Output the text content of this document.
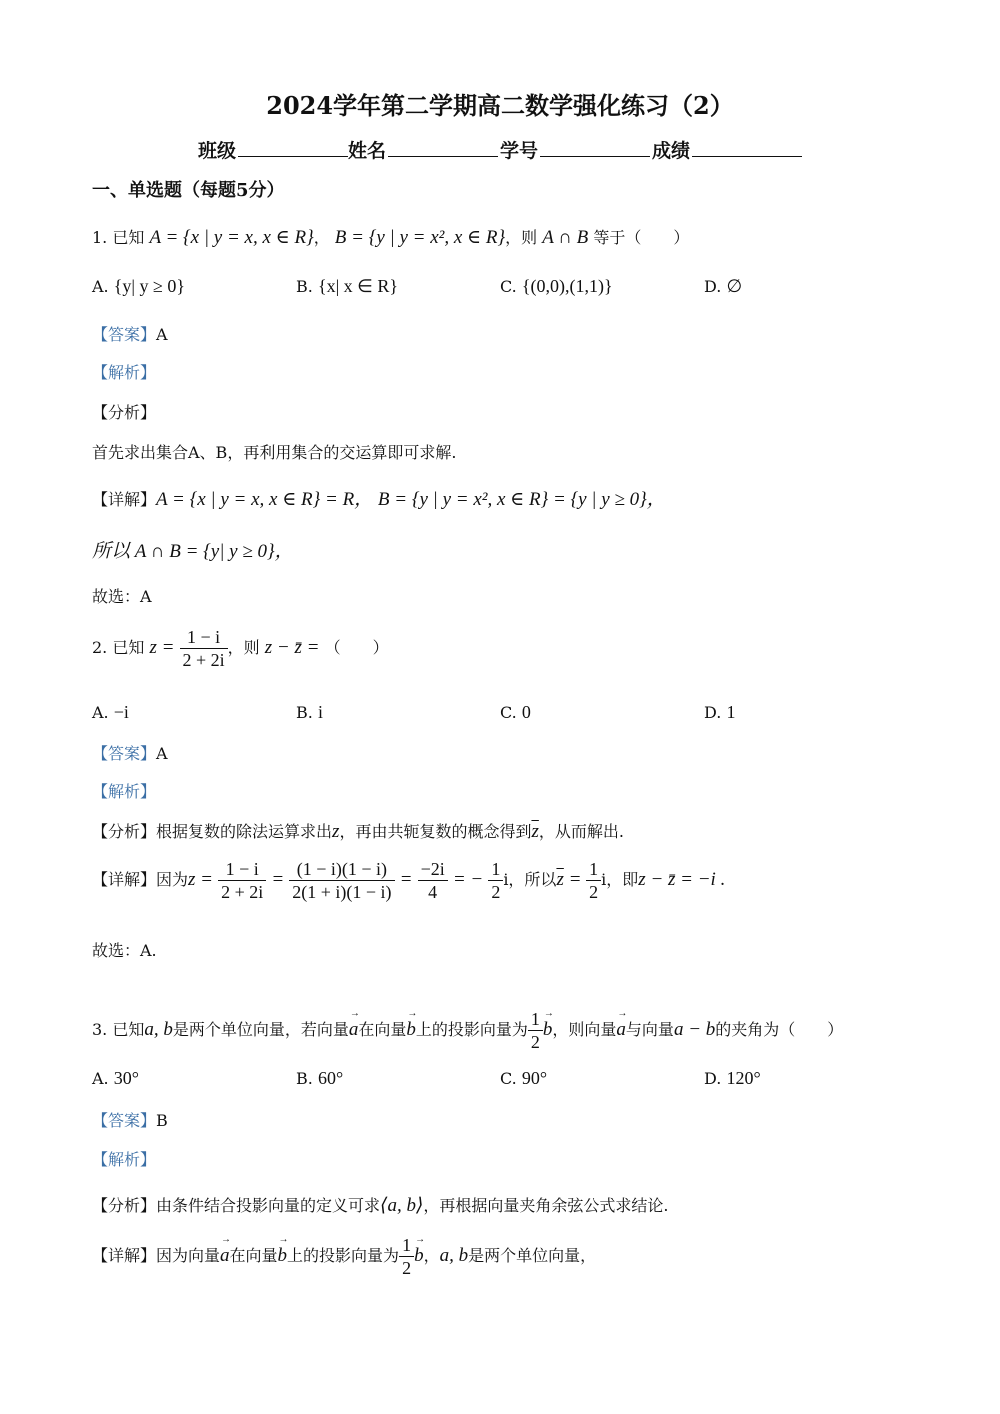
2024学年第二学期高二数学强化练习（2）
班级	姓名	学号	成绩
一、单选题（每题5分）
1. 已知 A = {x | y = x, x ∈ R}， B = {y | y = x², x ∈ R}，则 A ∩ B 等于（　　）
A. {y| y ≥ 0}	B. {x| x ∈ R}	C. {(0,0),(1,1)}	D. ∅
【答案】A
【解析】
【分析】
首先求出集合A、B，再利用集合的交运算即可求解.
【详解】A = {x | y = x, x ∈ R} = R， B = {y | y = x², x ∈ R} = {y | y ≥ 0}，
所以 A ∩ B = {y| y ≥ 0}，
故选：A
2. 已知 $z = \frac{1 - i}{2 + 2i}$ ，则 z − z̄ = （　　）
A. −i	B. i	C. 0	D. 1
【答案】A
【解析】
【分析】根据复数的除法运算求出z，再由共轭复数的概念得到$\overline{z}$，从而解出.
【详解】因为$z = \frac{1 - i}{2 + 2i} = \frac{(1 - i)(1 - i)}{2(1 + i)(1 - i)} = \frac{-2i}{4}$ = − $\frac{1}{2}$ i，所以$\overline{z} = \frac{1}{2}$ i，即z − z̄ = −i .
故选：A.
3. 已知a, b是两个单位向量，若向量→ a在向量→ b上的投影向量为 $\frac{1}{2} \to b$，则向量→ a与向量a − b的夹角为（　　）
A. 30°	B. 60°	C. 90°	D. 120°
【答案】B
【解析】
【分析】由条件结合投影向量的定义可求⟨a, b⟩，再根据向量夹角余弦公式求结论.
【详解】因为向量→ a在向量→ b上的投影向量为 $\frac{1}{2} \to b$，a, b是两个单位向量，
